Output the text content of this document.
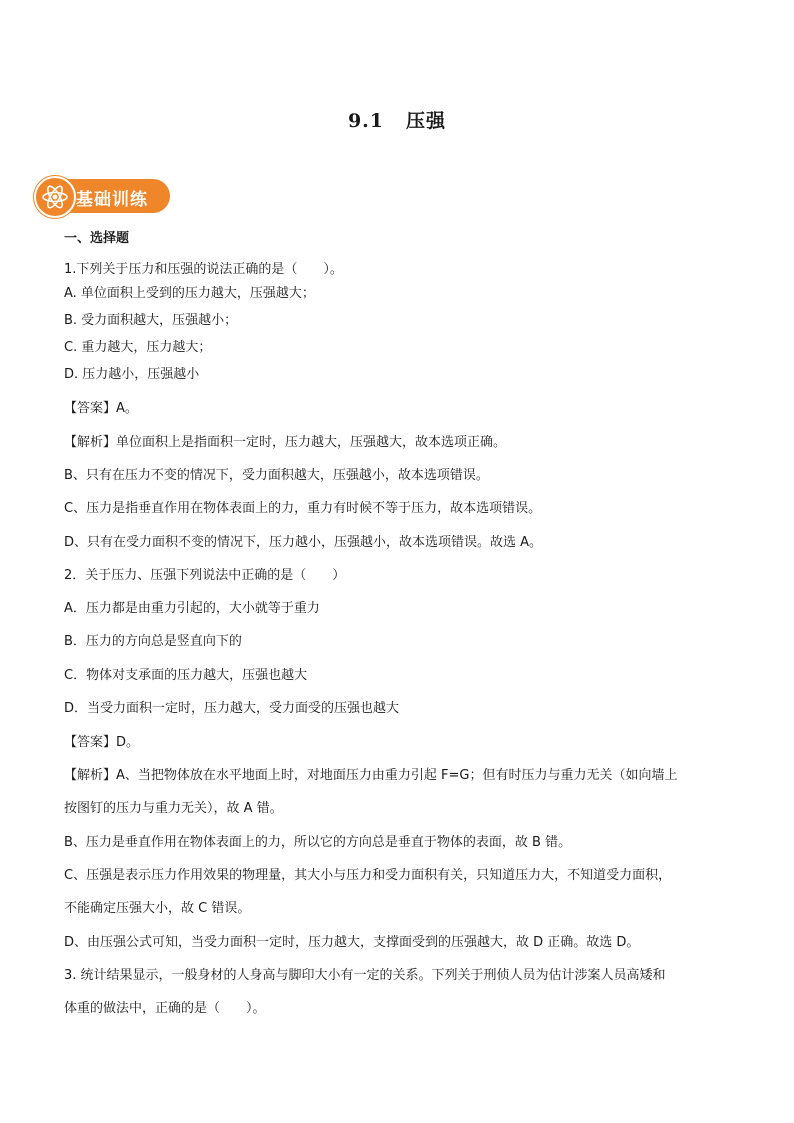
9.1 压强
基础训练
一、选择题
1.下列关于压力和压强的说法正确的是（　　）。
A. 单位面积上受到的压力越大，压强越大；
B. 受力面积越大，压强越小；
C. 重力越大，压力越大；
D. 压力越小，压强越小
【答案】A。
【解析】单位面积上是指面积一定时，压力越大，压强越大，故本选项正确。
B、只有在压力不变的情况下，受力面积越大，压强越小，故本选项错误。
C、压力是指垂直作用在物体表面上的力，重力有时候不等于压力，故本选项错误。
D、只有在受力面积不变的情况下，压力越小，压强越小，故本选项错误。故选 A。
2．关于压力、压强下列说法中正确的是（　　）
A．压力都是由重力引起的，大小就等于重力
B．压力的方向总是竖直向下的
C．物体对支承面的压力越大，压强也越大
D．当受力面积一定时，压力越大，受力面受的压强也越大
【答案】D。
【解析】A、当把物体放在水平地面上时，对地面压力由重力引起 F=G；但有时压力与重力无关（如向墙上
按图钉的压力与重力无关），故 A 错。
B、压力是垂直作用在物体表面上的力，所以它的方向总是垂直于物体的表面，故 B 错。
C、压强是表示压力作用效果的物理量，其大小与压力和受力面积有关，只知道压力大，不知道受力面积，
不能确定压强大小，故 C 错误。
D、由压强公式可知，当受力面积一定时，压力越大，支撑面受到的压强越大，故 D 正确。故选 D。
3. 统计结果显示，一般身材的人身高与脚印大小有一定的关系。下列关于刑侦人员为估计涉案人员高矮和
体重的做法中，正确的是（　　）。
